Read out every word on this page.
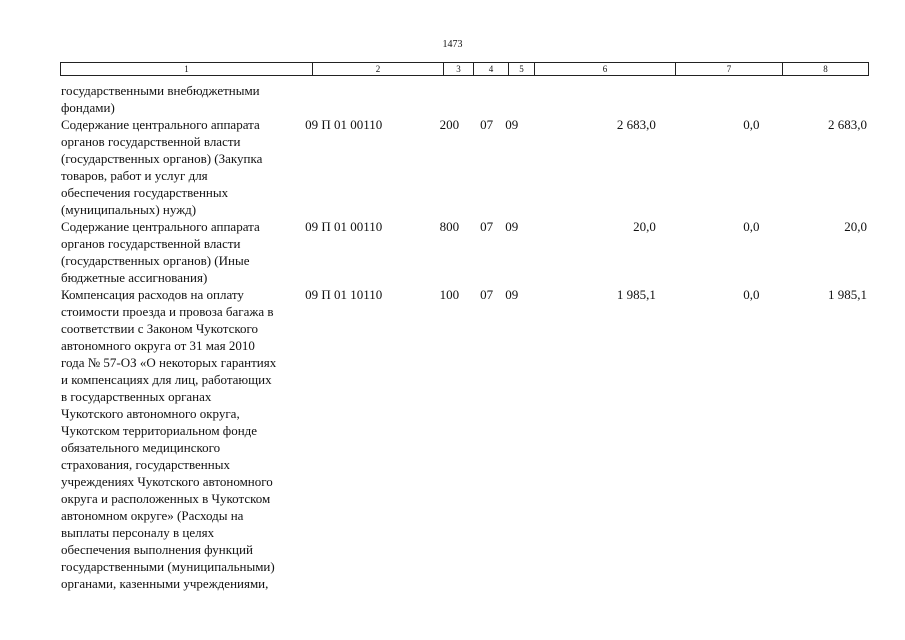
1473
1	2	3	4	5	6	7	8
государственными внебюджетными
фондами)
Содержание центрального аппарата
органов государственной власти
(государственных органов) (Закупка
товаров, работ и услуг для
обеспечения государственных
(муниципальных) нужд)
09 П 01 00110	200	07 09	2 683,0	0,0	2 683,0
Содержание центрального аппарата
органов государственной власти
(государственных органов) (Иные
бюджетные ассигнования)
09 П 01 00110	800	07 09	20,0	0,0	20,0
Компенсация расходов на оплату
стоимости проезда и провоза багажа в
соответствии с Законом Чукотского
автономного округа от 31 мая 2010
года № 57-ОЗ «О некоторых гарантиях
и компенсациях для лиц, работающих
в государственных органах
Чукотского автономного округа,
Чукотском территориальном фонде
обязательного медицинского
страхования, государственных
учреждениях Чукотского автономного
округа и расположенных в Чукотском
автономном округе» (Расходы на
выплаты персоналу в целях
обеспечения выполнения функций
государственными (муниципальными)
органами, казенными учреждениями,
09 П 01 10110	100	07 09	1 985,1	0,0	1 985,1
